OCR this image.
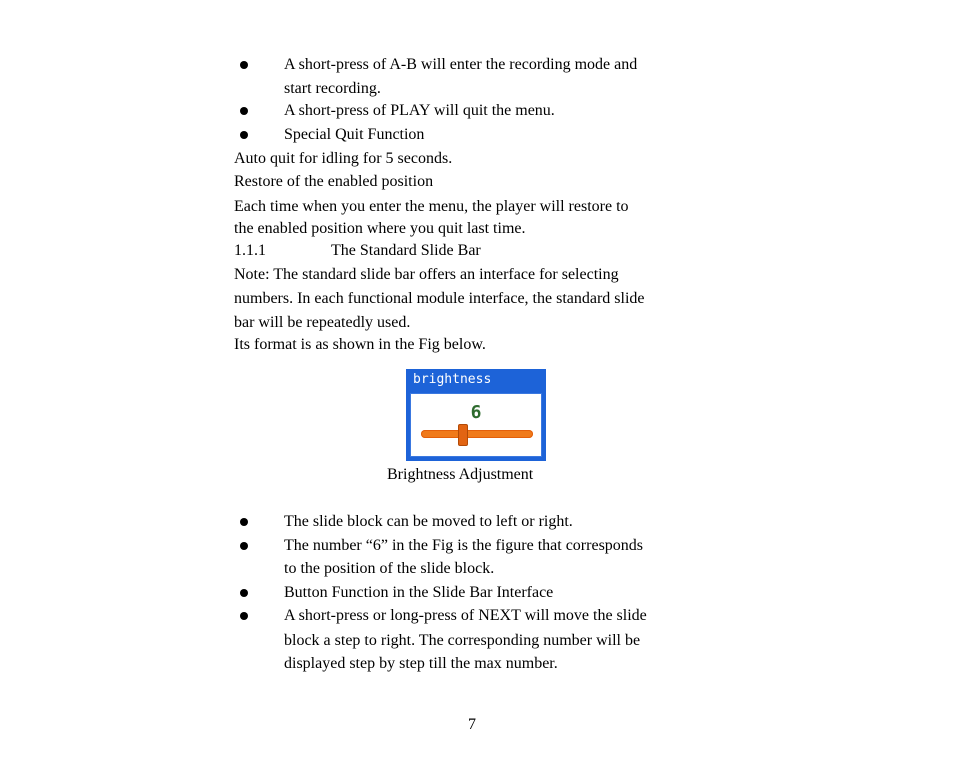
A short-press of A-B will enter the recording mode and
start recording.
A short-press of PLAY will quit the menu.
Special Quit Function
Auto quit for idling for 5 seconds.
Restore of the enabled position
Each time when you enter the menu, the player will restore to
the enabled position where you quit last time.
1.1.1	The Standard Slide Bar
Note: The standard slide bar offers an interface for selecting
numbers. In each functional module interface, the standard slide
bar will be repeatedly used.
Its format is as shown in the Fig below.
brightness
6
Brightness Adjustment
The slide block can be moved to left or right.
The number “6” in the Fig is the figure that corresponds
to the position of the slide block.
Button Function in the Slide Bar Interface
A short-press or long-press of NEXT will move the slide
block a step to right. The corresponding number will be
displayed step by step till the max number.
7
